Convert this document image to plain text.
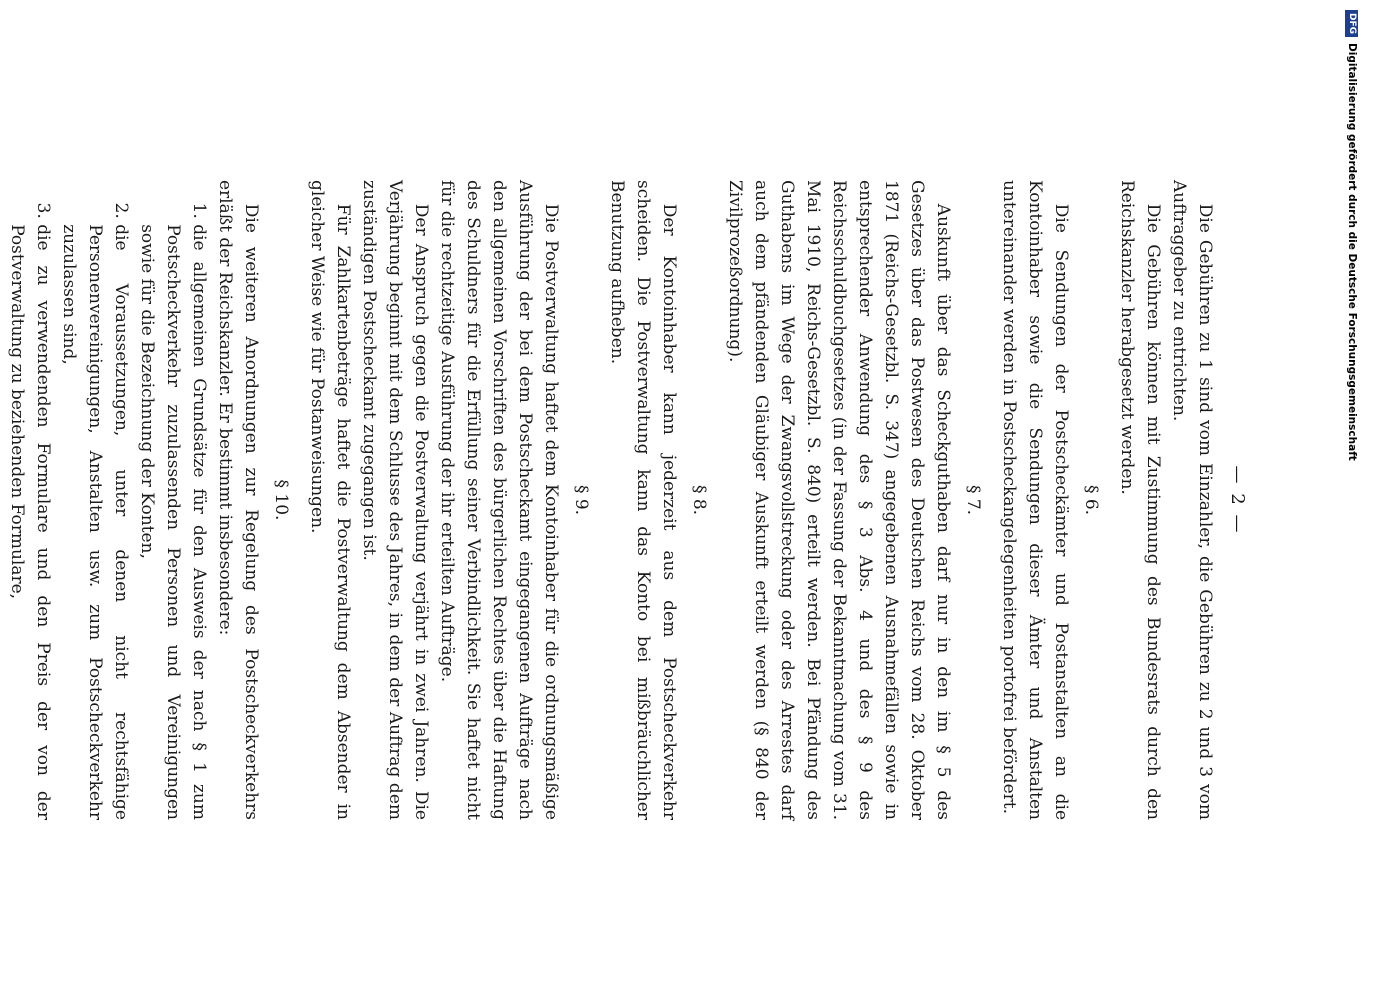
— 2 —

Die Gebühren zu 1 sind vom Einzahler, die Gebühren zu 2 und 3 vom Auftraggeber zu entrichten.

Die Gebühren können mit Zustimmung des Bundesrats durch den Reichskanzler herabgesetzt werden.

§ 6.

Die Sendungen der Postscheckämter und Postanstalten an die Kontoinhaber sowie die Sendungen dieser Ämter und Anstalten untereinander werden in Postscheckangelegenheiten portofrei befördert.

§ 7.

Auskunft über das Scheckguthaben darf nur in den im § 5 des Gesetzes über das Postwesen des Deutschen Reichs vom 28. Oktober 1871 (Reichs-Gesetzbl. S. 347) angegebenen Ausnahmefällen sowie in entsprechender Anwendung des § 3 Abs. 4 und des § 9 des Reichsschuldbuchgesetzes (in der Fassung der Bekanntmachung vom 31. Mai 1910, Reichs-Gesetzbl. S. 840) erteilt werden. Bei Pfändung des Guthabens im Wege der Zwangsvollstreckung oder des Arrestes darf auch dem pfändenden Gläubiger Auskunft erteilt werden (§ 840 der Zivilprozeßordnung).

§ 8.

Der Kontoinhaber kann jederzeit aus dem Postscheckverkehr scheiden. Die Postverwaltung kann das Konto bei mißbräuchlicher Benutzung aufheben.

§ 9.

Die Postverwaltung haftet dem Kontoinhaber für die ordnungsmäßige Ausführung der bei dem Postscheckamt eingegangenen Aufträge nach den allgemeinen Vorschriften des bürgerlichen Rechtes über die Haftung des Schuldners für die Erfüllung seiner Verbindlichkeit. Sie haftet nicht für die rechtzeitige Ausführung der ihr erteilten Aufträge.

Der Anspruch gegen die Postverwaltung verjährt in zwei Jahren. Die Verjährung beginnt mit dem Schlusse des Jahres, in dem der Auftrag dem zuständigen Postscheckamt zugegangen ist.

Für Zahlkartenbeträge haftet die Postverwaltung dem Absender in gleicher Weise wie für Postanweisungen.

§ 10.

Die weiteren Anordnungen zur Regelung des Postscheckverkehrs erläßt der Reichskanzler. Er bestimmt insbesondere:

1. die allgemeinen Grundsätze für den Ausweis der nach § 1 zum Postscheckverkehr zuzulassenden Personen und Vereinigungen sowie für die Bezeichnung der Konten,
2. die Voraussetzungen, unter denen nicht rechtsfähige Personenvereinigungen, Anstalten usw. zum Postscheckverkehr zuzulassen sind,
3. die zu verwendenden Formulare und den Preis der von der Postverwaltung zu beziehenden Formulare,
DFG
Digitalisierung gefördert durch die Deutsche Forschungsgemeinschaft
